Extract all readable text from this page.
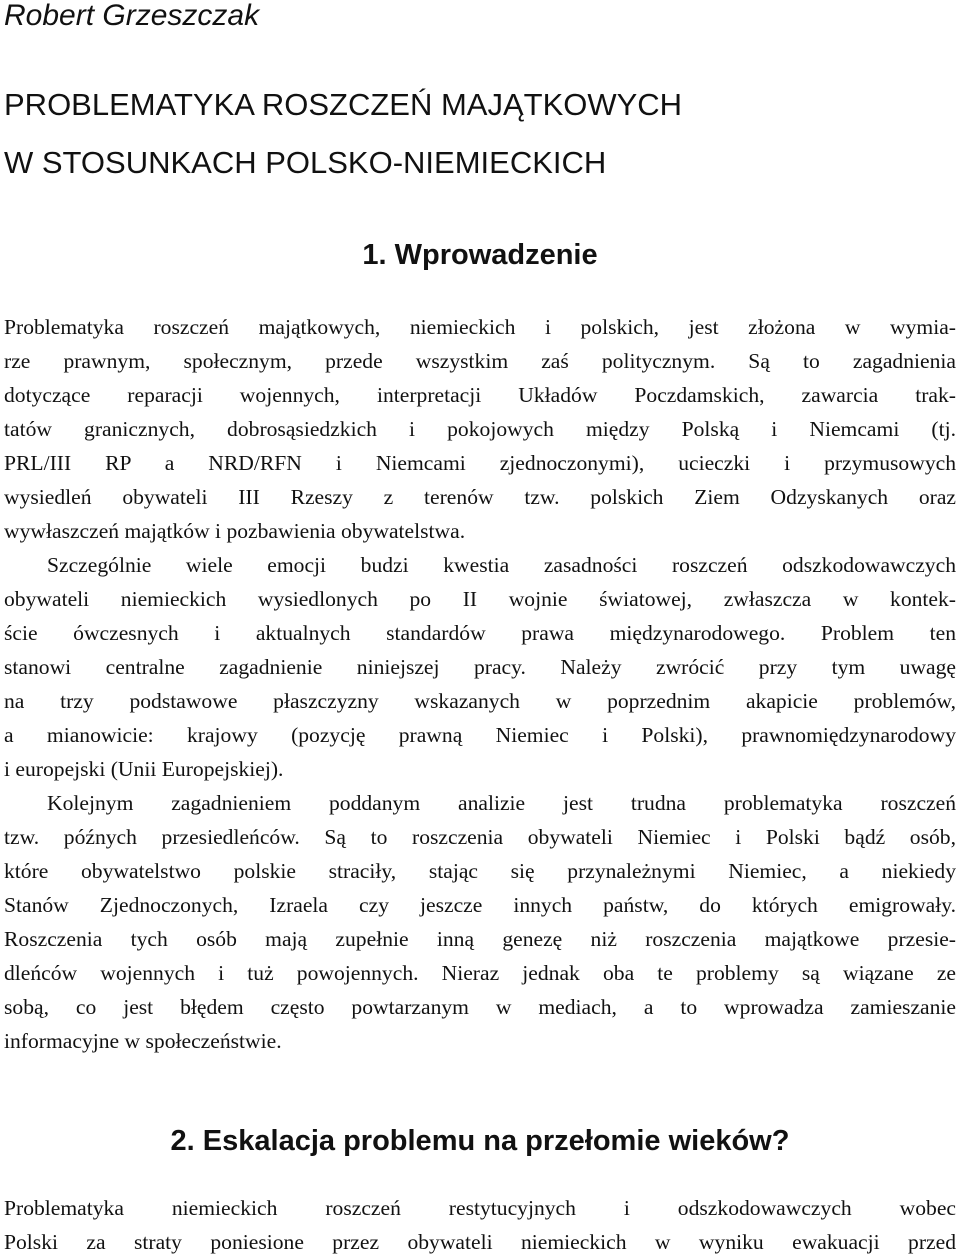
Robert Grzeszczak
PROBLEMATYKA ROSZCZEŃ MAJĄTKOWYCH
W STOSUNKACH POLSKO-NIEMIECKICH
1. Wprowadzenie
Problematyka roszczeń majątkowych, niemieckich i polskich, jest złożona w wymia-
rze prawnym, społecznym, przede wszystkim zaś politycznym. Są to zagadnienia
dotyczące reparacji wojennych, interpretacji Układów Poczdamskich, zawarcia trak-
tatów granicznych, dobrosąsiedzkich i pokojowych między Polską i Niemcami (tj.
PRL/III RP a NRD/RFN i Niemcami zjednoczonymi), ucieczki i przymusowych
wysiedleń obywateli III Rzeszy z terenów tzw. polskich Ziem Odzyskanych oraz
wywłaszczeń majątków i pozbawienia obywatelstwa.
Szczególnie wiele emocji budzi kwestia zasadności roszczeń odszkodowawczych
obywateli niemieckich wysiedlonych po II wojnie światowej, zwłaszcza w kontek-
ście ówczesnych i aktualnych standardów prawa międzynarodowego. Problem ten
stanowi centralne zagadnienie niniejszej pracy. Należy zwrócić przy tym uwagę
na trzy podstawowe płaszczyzny wskazanych w poprzednim akapicie problemów,
a mianowicie: krajowy (pozycję prawną Niemiec i Polski), prawnomiędzynarodowy
i europejski (Unii Europejskiej).
Kolejnym zagadnieniem poddanym analizie jest trudna problematyka roszczeń
tzw. późnych przesiedleńców. Są to roszczenia obywateli Niemiec i Polski bądź osób,
które obywatelstwo polskie straciły, stając się przynależnymi Niemiec, a niekiedy
Stanów Zjednoczonych, Izraela czy jeszcze innych państw, do których emigrowały.
Roszczenia tych osób mają zupełnie inną genezę niż roszczenia majątkowe przesie-
dleńców wojennych i tuż powojennych. Nieraz jednak oba te problemy są wiązane ze
sobą, co jest błędem często powtarzanym w mediach, a to wprowadza zamieszanie
informacyjne w społeczeństwie.
2. Eskalacja problemu na przełomie wieków?
Problematyka niemieckich roszczeń restytucyjnych i odszkodowawczych wobec
Polski za straty poniesione przez obywateli niemieckich w wyniku ewakuacji przed
